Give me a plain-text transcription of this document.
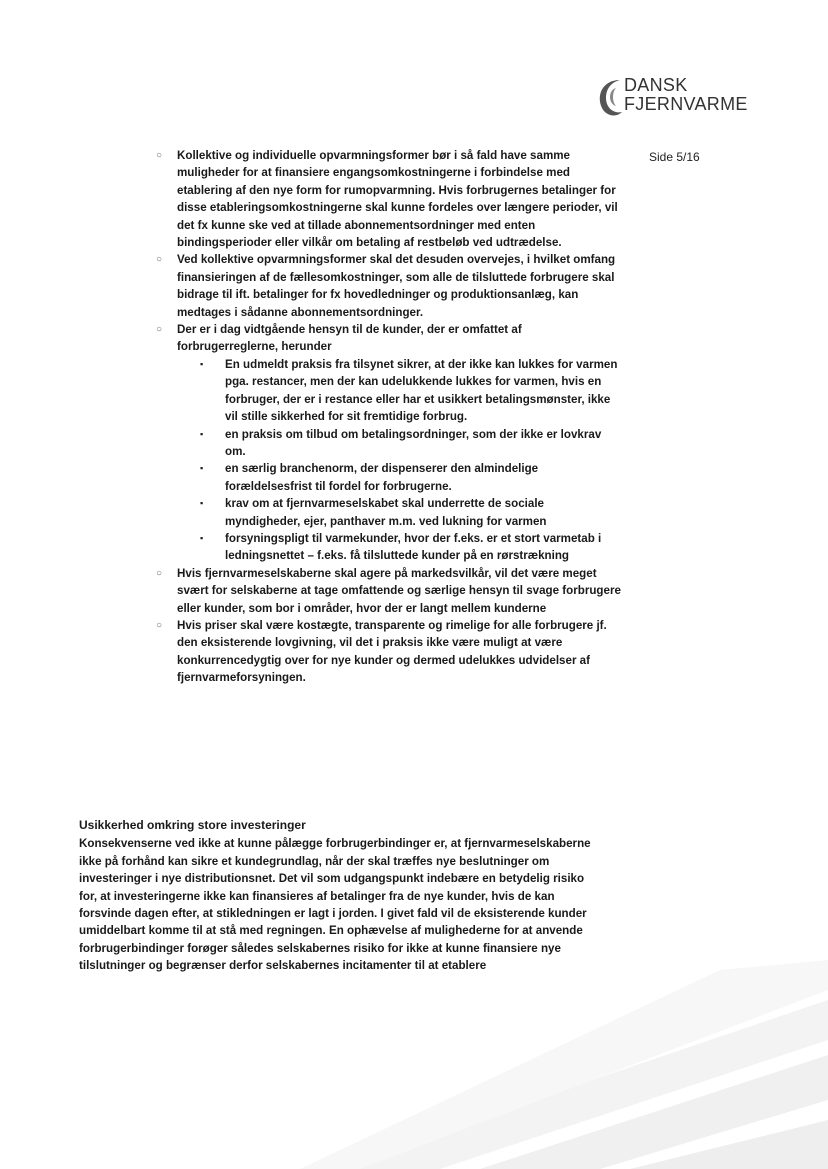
DANSK
FJERNVARME
Side 5/16
○ Kollektive og individuelle opvarmningsformer bør i så fald have samme muligheder for at finansiere engangsomkostningerne i forbindelse med etablering af den nye form for rumopvarmning. Hvis forbrugernes betalinger for disse etableringsomkostningerne skal kunne fordeles over længere perioder, vil det fx kunne ske ved at tillade abonnementsordninger med enten bindingsperioder eller vilkår om betaling af restbeløb ved udtrædelse.
○ Ved kollektive opvarmningsformer skal det desuden overvejes, i hvilket omfang finansieringen af de fællesomkostninger, som alle de tilsluttede forbrugere skal bidrage til ift. betalinger for fx hovedledninger og produktionsanlæg, kan medtages i sådanne abonnementsordninger.
○ Der er i dag vidtgående hensyn til de kunder, der er omfattet af forbrugerreglerne, herunder
▪ En udmeldt praksis fra tilsynet sikrer, at der ikke kan lukkes for varmen pga. restancer, men der kan udelukkende lukkes for varmen, hvis en forbruger, der er i restance eller har et usikkert betalingsmønster, ikke vil stille sikkerhed for sit fremtidige forbrug.
▪ en praksis om tilbud om betalingsordninger, som der ikke er lovkrav om.
▪ en særlig branchenorm, der dispenserer den almindelige forældelsesfrist til fordel for forbrugerne.
▪ krav om at fjernvarmeselskabet skal underrette de sociale myndigheder, ejer, panthaver m.m. ved lukning for varmen
▪ forsyningspligt til varmekunder, hvor der f.eks. er et stort varmetab i ledningsnettet – f.eks. få tilsluttede kunder på en rørstrækning
○ Hvis fjernvarmeselskaberne skal agere på markedsvilkår, vil det være meget svært for selskaberne at tage omfattende og særlige hensyn til svage forbrugere eller kunder, som bor i områder, hvor der er langt mellem kunderne
○ Hvis priser skal være kostægte, transparente og rimelige for alle forbrugere jf. den eksisterende lovgivning, vil det i praksis ikke være muligt at være konkurrencedygtig over for nye kunder og dermed udelukkes udvidelser af fjernvarmeforsyningen.
Usikkerhed omkring store investeringer

Konsekvenserne ved ikke at kunne pålægge forbrugerbindinger er, at fjernvarmeselskaberne ikke på forhånd kan sikre et kundegrundlag, når der skal træffes nye beslutninger om investeringer i nye distributionsnet. Det vil som udgangspunkt indebære en betydelig risiko for, at investeringerne ikke kan finansieres af betalinger fra de nye kunder, hvis de kan forsvinde dagen efter, at stikledningen er lagt i jorden. I givet fald vil de eksisterende kunder umiddelbart komme til at stå med regningen. En ophævelse af mulighederne for at anvende forbrugerbindinger forøger således selskabernes risiko for ikke at kunne finansiere nye tilslutninger og begrænser derfor selskabernes incitamenter til at etablere
